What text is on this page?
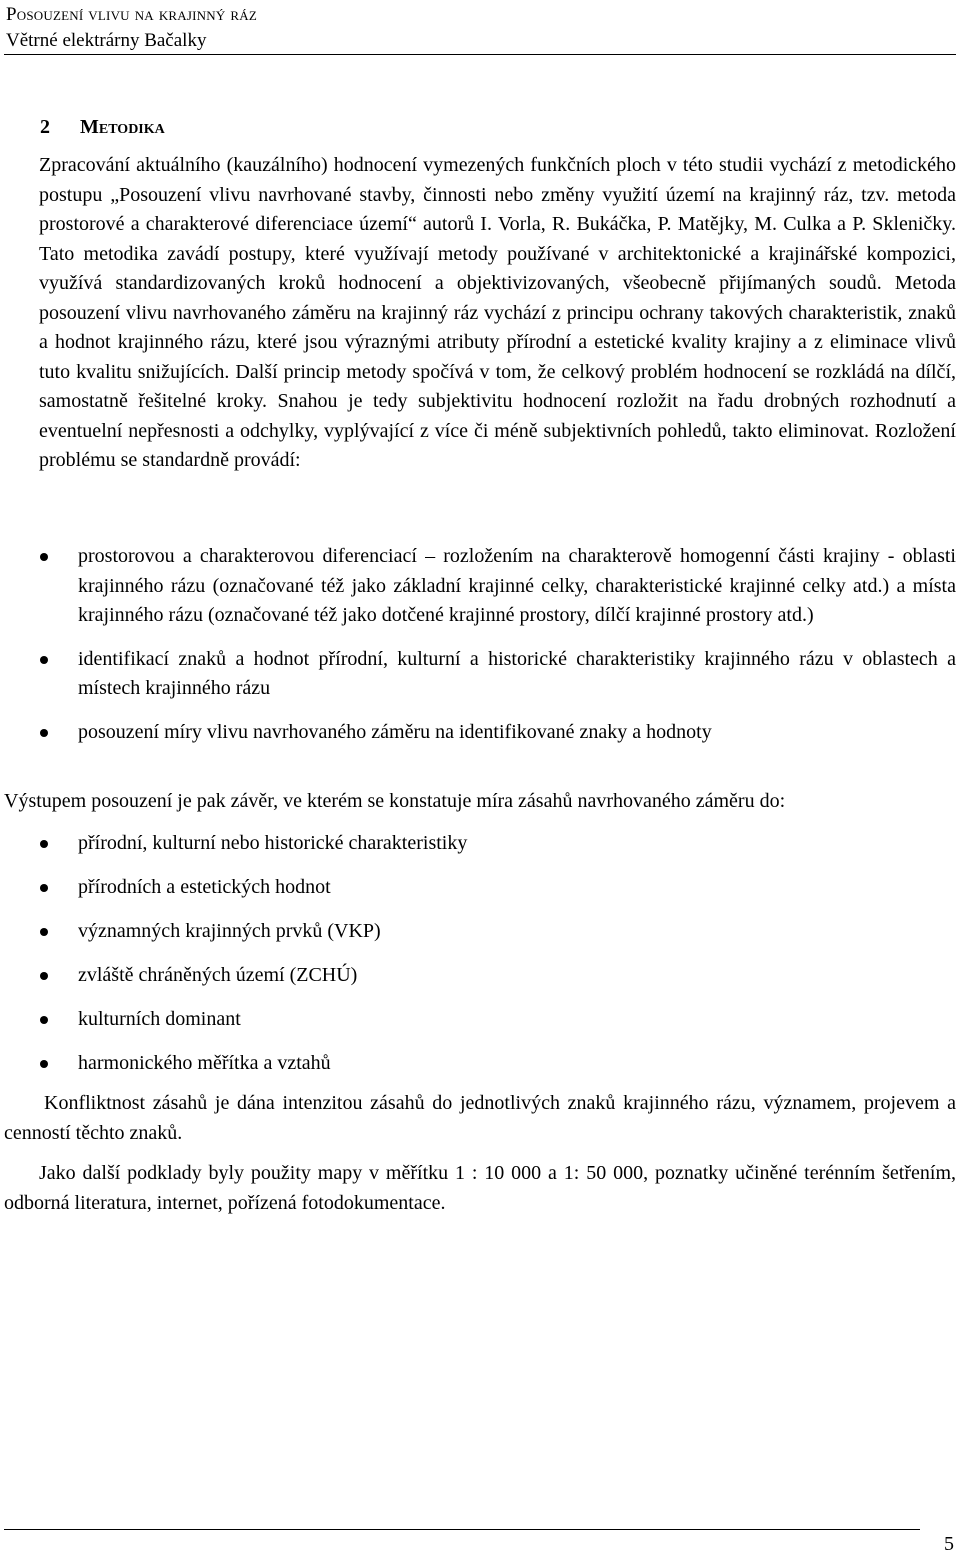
Posouzení vlivu na krajinný ráz
Větrné elektrárny Bačalky
2 Metodika

Zpracování aktuálního (kauzálního) hodnocení vymezených funkčních ploch v této studii vychází z metodického postupu „Posouzení vlivu navrhované stavby, činnosti nebo změny využití území na krajinný ráz, tzv. metoda prostorové a charakterové diferenciace území“ autorů I. Vorla, R. Bukáčka, P. Matějky, M. Culka a P. Skleničky. Tato metodika zavádí postupy, které využívají metody používané v architektonické a krajinářské kompozici, využívá standardizovaných kroků hodnocení a objektivizovaných, všeobecně přijímaných soudů. Metoda posouzení vlivu navrhovaného záměru na krajinný ráz vychází z principu ochrany takových charakteristik, znaků a hodnot krajinného rázu, které jsou výraznými atributy přírodní a estetické kvality krajiny a z eliminace vlivů tuto kvalitu snižujících. Další princip metody spočívá v tom, že celkový problém hodnocení se rozkládá na dílčí, samostatně řešitelné kroky. Snahou je tedy subjektivitu hodnocení rozložit na řadu drobných rozhodnutí a eventuelní nepřesnosti a odchylky, vyplývající z více či méně subjektivních pohledů, takto eliminovat. Rozložení problému se standardně provádí:

prostorovou a charakterovou diferenciací – rozložením na charakterově homogenní části krajiny - oblasti krajinného rázu (označované též jako základní krajinné celky, charakteristické krajinné celky atd.) a místa krajinného rázu (označované též jako dotčené krajinné prostory, dílčí krajinné prostory atd.)
identifikací znaků a hodnot přírodní, kulturní a historické charakteristiky krajinného rázu v oblastech a místech krajinného rázu
posouzení míry vlivu navrhovaného záměru na identifikované znaky a hodnoty

Výstupem posouzení je pak závěr, ve kterém se konstatuje míra zásahů navrhovaného záměru do:

přírodní, kulturní nebo historické charakteristiky
přírodních a estetických hodnot
významných krajinných prvků (VKP)
zvláště chráněných území (ZCHÚ)
kulturních dominant
harmonického měřítka a vztahů

Konfliktnost zásahů je dána intenzitou zásahů do jednotlivých znaků krajinného rázu, významem, projevem a cenností těchto znaků.

Jako další podklady byly použity mapy v měřítku 1 : 10 000 a 1: 50 000, poznatky učiněné terénním šetřením, odborná literatura, internet, pořízená fotodokumentace.

5
